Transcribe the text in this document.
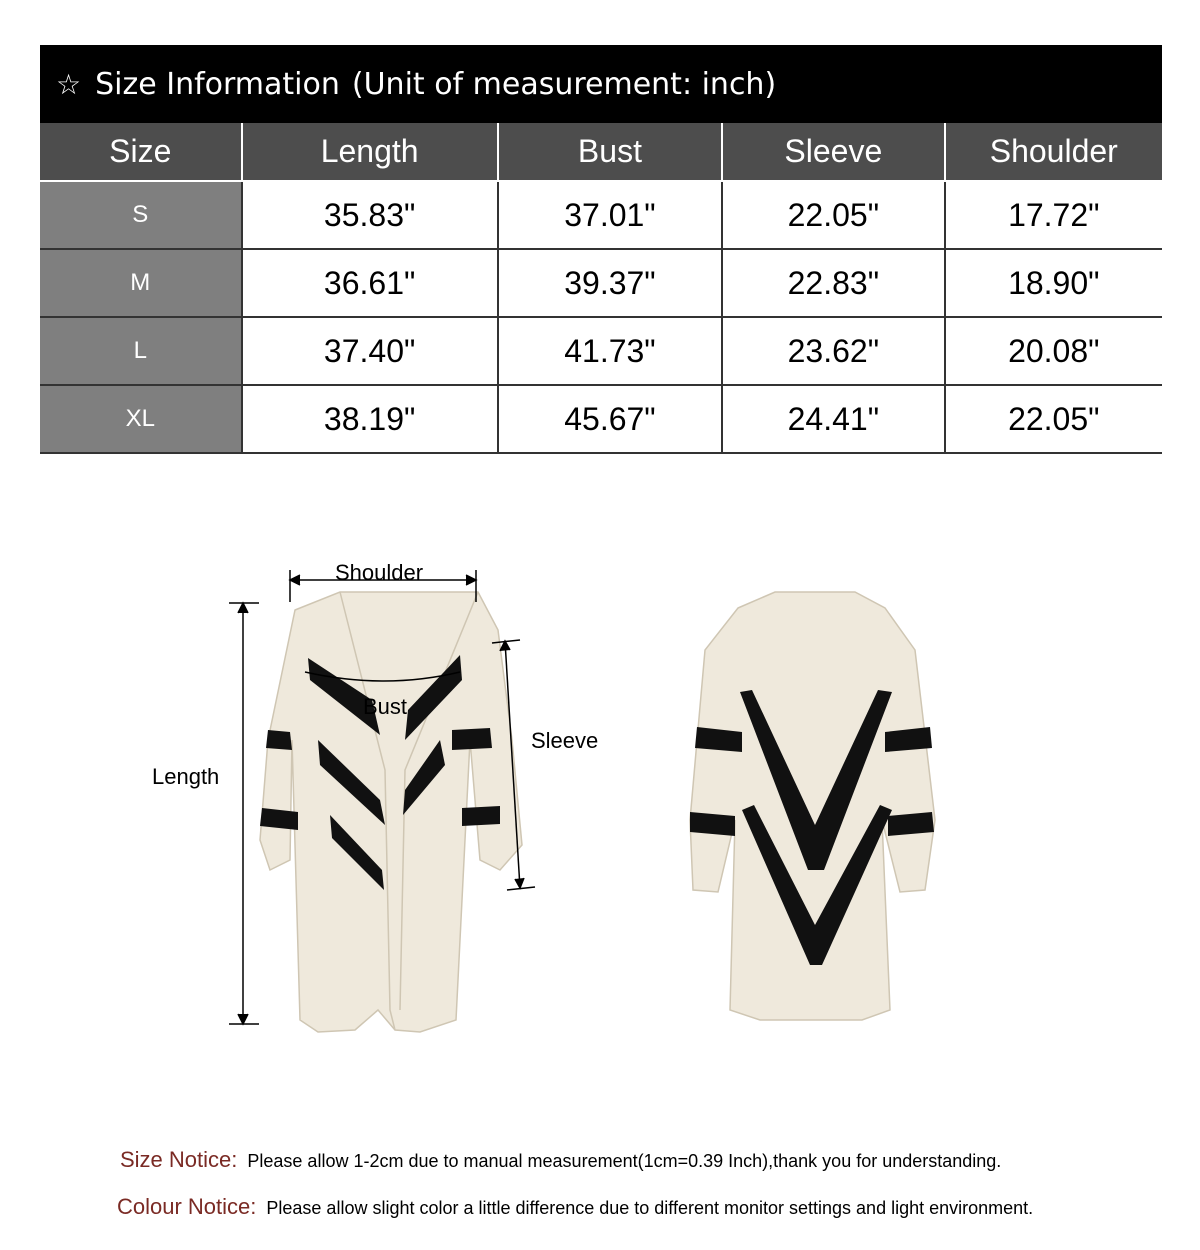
☆ Size Information (Unit of measurement: inch)
Size	Length	Bust	Sleeve	Shoulder
S	35.83"	37.01"	22.05"	17.72"
M	36.61"	39.37"	22.83"	18.90"
L	37.40"	41.73"	23.62"	20.08"
XL	38.19"	45.67"	24.41"	22.05"
Shoulder
Bust
Sleeve
Length
Size Notice: Please allow 1-2cm due to manual measurement(1cm=0.39 Inch),thank you for understanding.
Colour Notice: Please allow slight color a little difference due to different monitor settings and light environment.
